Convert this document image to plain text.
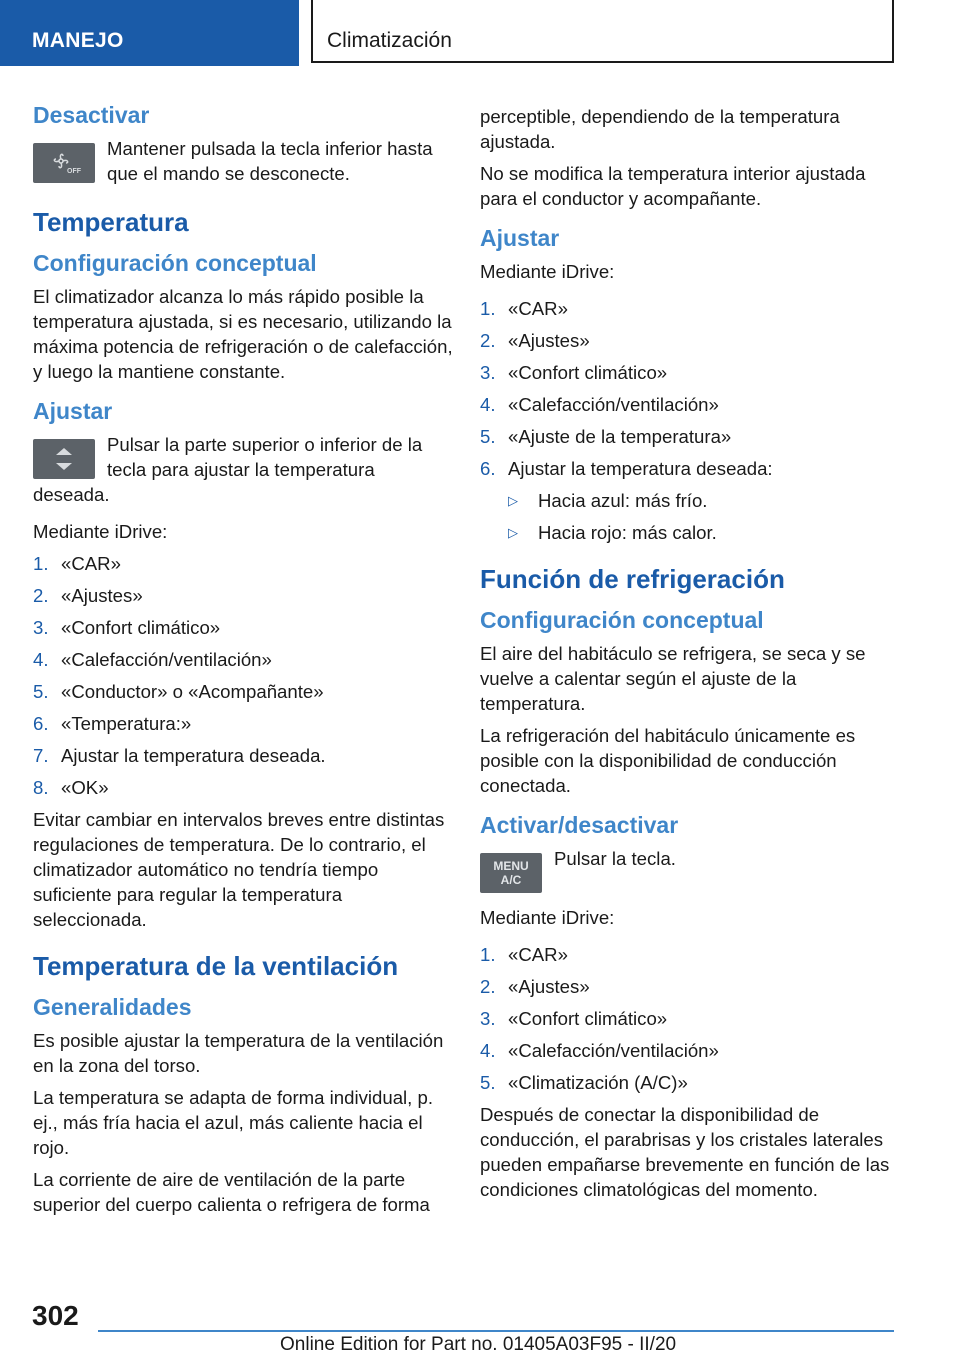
MANEJO	Climatización
Desactivar
OFF

Mantener pulsada la tecla inferior hasta que el mando se desconecte.

Temperatura
Configuración conceptual

El climatizador alcanza lo más rápido posible la temperatura ajustada, si es necesario, utilizando la máxima potencia de refrigeración o de calefacción, y luego la mantiene constante.

Ajustar

Pulsar la parte superior o inferior de la tecla para ajustar la temperatura deseada.

Mediante iDrive:

1. «CAR»
2. «Ajustes»
3. «Confort climático»
4. «Calefacción/ventilación»
5. «Conductor» o «Acompañante»
6. «Temperatura:»
7. Ajustar la temperatura deseada.
8. «OK»

Evitar cambiar en intervalos breves entre distintas regulaciones de temperatura. De lo contrario, el climatizador automático no tendría tiempo suficiente para regular la temperatura seleccionada.

Temperatura de la ventilación
Generalidades

Es posible ajustar la temperatura de la ventilación en la zona del torso.

La temperatura se adapta de forma individual, p. ej., más fría hacia el azul, más caliente hacia el rojo.

La corriente de aire de ventilación de la parte superior del cuerpo calienta o refrigera de forma

perceptible, dependiendo de la temperatura ajustada.

No se modifica la temperatura interior ajustada para el conductor y acompañante.

Ajustar

Mediante iDrive:

1. «CAR»
2. «Ajustes»
3. «Confort climático»
4. «Calefacción/ventilación»
5. «Ajuste de la temperatura»
6. Ajustar la temperatura deseada:
▷	Hacia azul: más frío.
▷	Hacia rojo: más calor.
Función de refrigeración
Configuración conceptual

El aire del habitáculo se refrigera, se seca y se vuelve a calentar según el ajuste de la temperatura.

La refrigeración del habitáculo únicamente es posible con la disponibilidad de conducción conectada.

Activar/desactivar
MENU
A/C

Pulsar la tecla.

Mediante iDrive:

1. «CAR»
2. «Ajustes»
3. «Confort climático»
4. «Calefacción/ventilación»
5. «Climatización (A/C)»

Después de conectar la disponibilidad de conducción, el parabrisas y los cristales laterales pueden empañarse brevemente en función de las condiciones climatológicas del momento.

302
Online Edition for Part no. 01405A03F95 - II/20
